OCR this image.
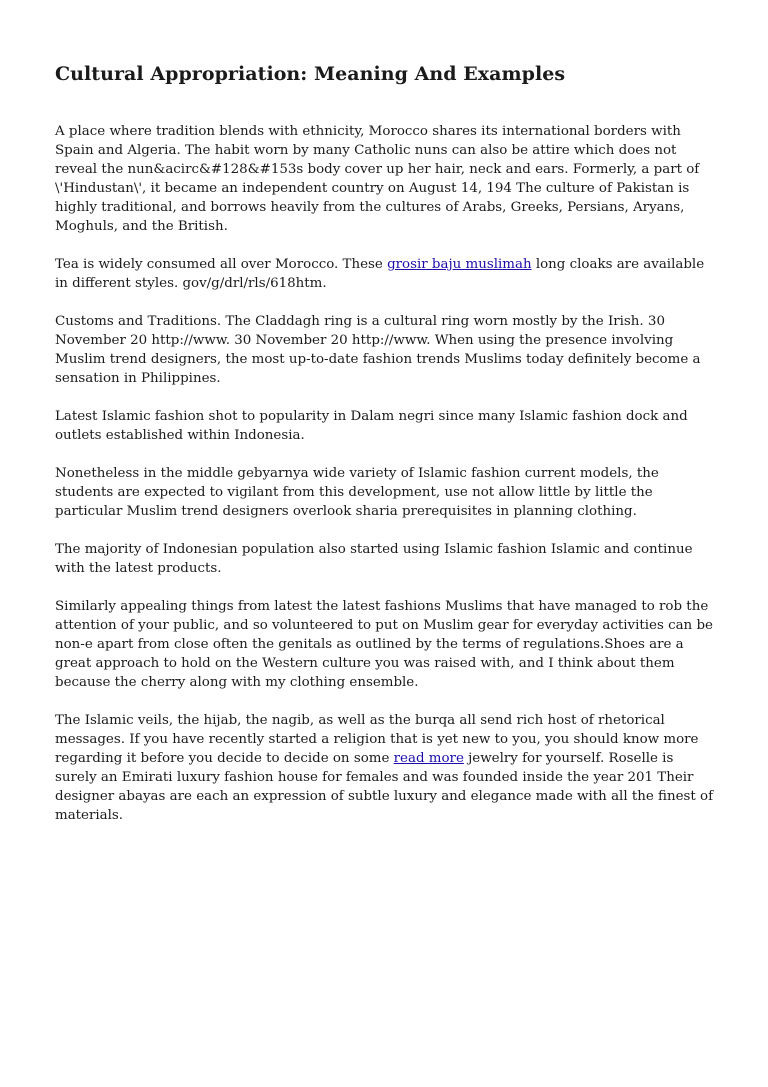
Cultural Appropriation: Meaning And Examples

A place where tradition blends with ethnicity, Morocco shares its international borders with Spain and Algeria. The habit worn by many Catholic nuns can also be attire which does not reveal the nun&acirc&#128&#153s body cover up her hair, neck and ears. Formerly, a part of \'Hindustan\', it became an independent country on August 14, 194 The culture of Pakistan is highly traditional, and borrows heavily from the cultures of Arabs, Greeks, Persians, Aryans, Moghuls, and the British.

Tea is widely consumed all over Morocco. These grosir baju muslimah long cloaks are available in different styles. gov/g/drl/rls/618htm.

Customs and Traditions. The Claddagh ring is a cultural ring worn mostly by the Irish. 30 November 20 http://www. 30 November 20 http://www. When using the presence involving Muslim trend designers, the most up-to-date fashion trends Muslims today definitely become a sensation in Philippines.

Latest Islamic fashion shot to popularity in Dalam negri since many Islamic fashion dock and outlets established within Indonesia.

Nonetheless in the middle gebyarnya wide variety of Islamic fashion current models, the students are expected to vigilant from this development, use not allow little by little the particular Muslim trend designers overlook sharia prerequisites in planning clothing.

The majority of Indonesian population also started using Islamic fashion Islamic and continue with the latest products.

Similarly appealing things from latest the latest fashions Muslims that have managed to rob the attention of your public, and so volunteered to put on Muslim gear for everyday activities can be non-e apart from close often the genitals as outlined by the terms of regulations.Shoes are a great approach to hold on the Western culture you was raised with, and I think about them because the cherry along with my clothing ensemble.

The Islamic veils, the hijab, the nagib, as well as the burqa all send rich host of rhetorical messages. If you have recently started a religion that is yet new to you, you should know more regarding it before you decide to decide on some read more jewelry for yourself. Roselle is surely an Emirati luxury fashion house for females and was founded inside the year 201 Their designer abayas are each an expression of subtle luxury and elegance made with all the finest of materials.
